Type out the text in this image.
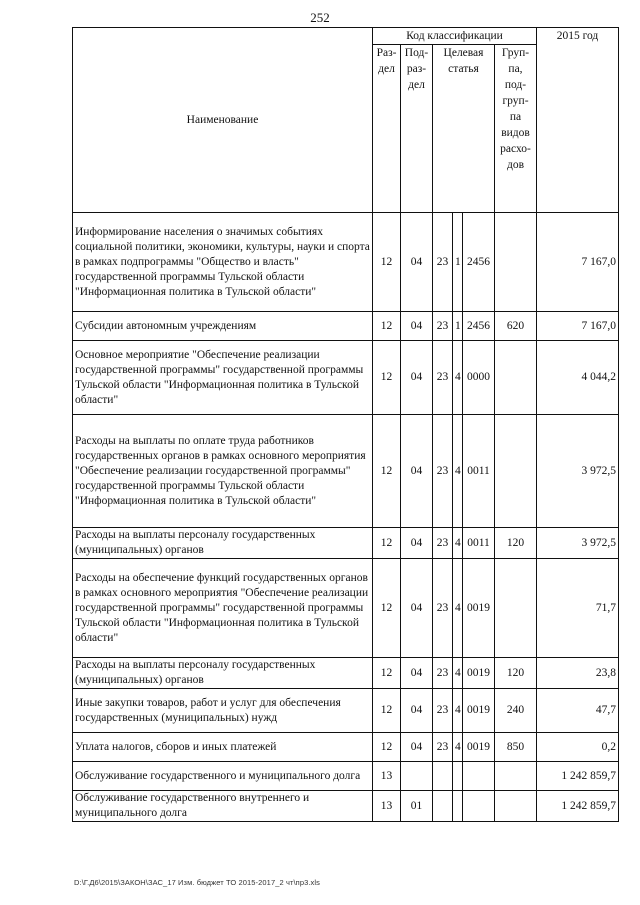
252
Наименование	Код классификации						2015 год
	Раз-дел	Под-раз-дел	Целевая статья			Груп-па, под-груп-па видов расхо-дов	
Информирование населения о значимых событиях социальной политики, экономики, культуры, науки и спорта в рамках подпрограммы "Общество и власть" государственной программы Тульской области "Информационная политика в Тульской области"	12	04	23	1	2456		7 167,0
Субсидии автономным учреждениям	12	04	23	1	2456	620	7 167,0
Основное мероприятие "Обеспечение реализации государственной программы" государственной программы Тульской области "Информационная политика в Тульской области"	12	04	23	4	0000		4 044,2
Расходы на выплаты по оплате труда работников государственных органов в рамках основного мероприятия "Обеспечение реализации государственной программы" государственной программы Тульской области "Информационная политика в Тульской области"	12	04	23	4	0011		3 972,5
Расходы на выплаты персоналу государственных (муниципальных) органов	12	04	23	4	0011	120	3 972,5
Расходы на обеспечение функций государственных органов в рамках основного мероприятия "Обеспечение реализации государственной программы" государственной программы Тульской области "Информационная политика в Тульской области"	12	04	23	4	0019		71,7
Расходы на выплаты персоналу государственных (муниципальных) органов	12	04	23	4	0019	120	23,8
Иные закупки товаров, работ и услуг для обеспечения государственных (муниципальных) нужд	12	04	23	4	0019	240	47,7
Уплата налогов, сборов и иных платежей	12	04	23	4	0019	850	0,2
Обслуживание государственного и муниципального долга	13						1 242 859,7
Обслуживание государственного внутреннего и муниципального долга	13	01					1 242 859,7
D:\Г.Д6\2015\ЗАКОН\ЗАС_17 Изм. бюджет ТО 2015-2017_2 чт\пр3.xls
